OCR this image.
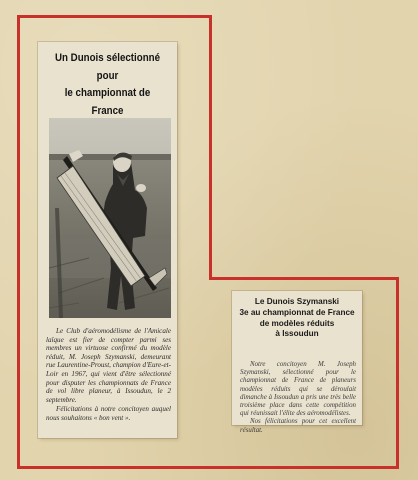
Un Dunois sélectionné pour
le championnat de France

Le Club d'aéromodélisme de l'Amicale laïque est fier de compter parmi ses membres un virtuose confirmé du modèle réduit, M. Joseph Szymanski, demeurant rue Laurentine-Proust, champion d'Eure-et-Loir en 1967, qui vient d'être sélectionné pour disputer les championnats de France de vol libre planeur, à Issoudun, le 2 septembre.

Félicitations à notre concitoyen auquel nous souhaitons « bon vent ».

Le Dunois Szymanski
3e au championnat de France
de modèles réduits
à Issoudun

Notre concitoyen M. Joseph Szymanski, sélectionné pour le championnat de France de planeurs modèles réduits qui se déroulait dimanche à Issoudun a pris une très belle troisième place dans cette compétition qui réunissait l'élite des aéromodélistes.

Nos félicitations pour cet excellent résultat.
